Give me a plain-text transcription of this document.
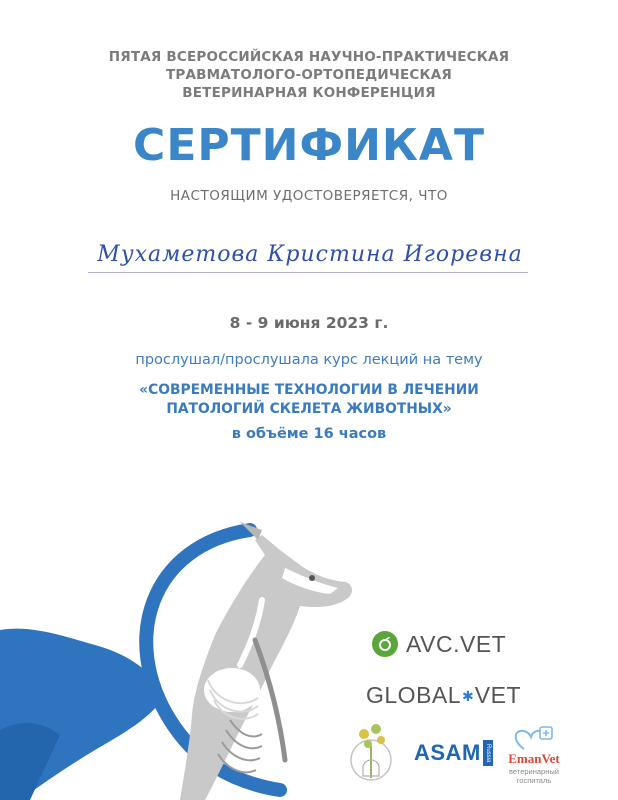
ПЯТАЯ ВСЕРОССИЙСКАЯ НАУЧНО-ПРАКТИЧЕСКАЯ
ТРАВМАТОЛОГО-ОРТОПЕДИЧЕСКАЯ
ВЕТЕРИНАРНАЯ КОНФЕРЕНЦИЯ
СЕРТИФИКАТ
НАСТОЯЩИМ УДОСТОВЕРЯЕТСЯ, ЧТО
Мухаметова Кристина Игоревна
8 - 9 июня 2023 г.
прослушал/прослушала курс лекций на тему
«СОВРЕМЕННЫЕ ТЕХНОЛОГИИ В ЛЕЧЕНИИ
ПАТОЛОГИЙ СКЕЛЕТА ЖИВОТНЫХ»
в объёме 16 часов
AVC.VET
GLOBAL ✱ VET
ASAM Russia	EmanVet
ветеринарный
госпиталь
